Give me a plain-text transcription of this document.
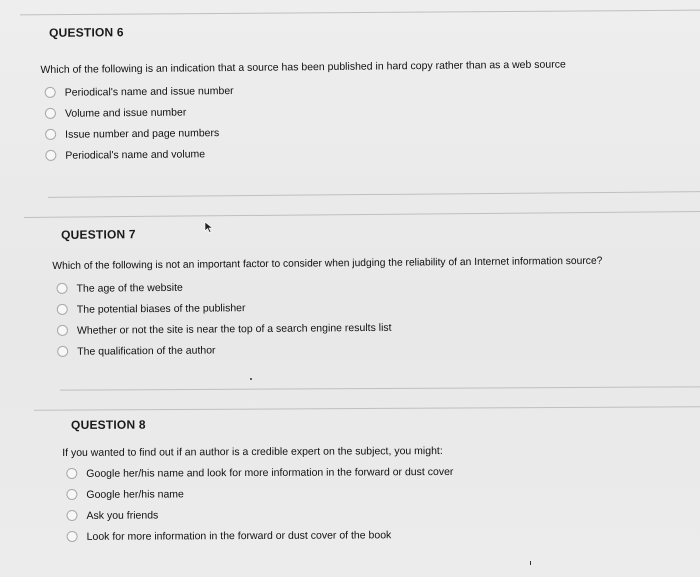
QUESTION 6
Which of the following is an indication that a source has been published in hard copy rather than as a web source
Periodical's name and issue number
Volume and issue number
Issue number and page numbers
Periodical's name and volume
QUESTION 7
Which of the following is not an important factor to consider when judging the reliability of an Internet information source?
The age of the website
The potential biases of the publisher
Whether or not the site is near the top of a search engine results list
The qualification of the author
QUESTION 8
If you wanted to find out if an author is a credible expert on the subject, you might:
Google her/his name and look for more information in the forward or dust cover
Google her/his name
Ask you friends
Look for more information in the forward or dust cover of the book
